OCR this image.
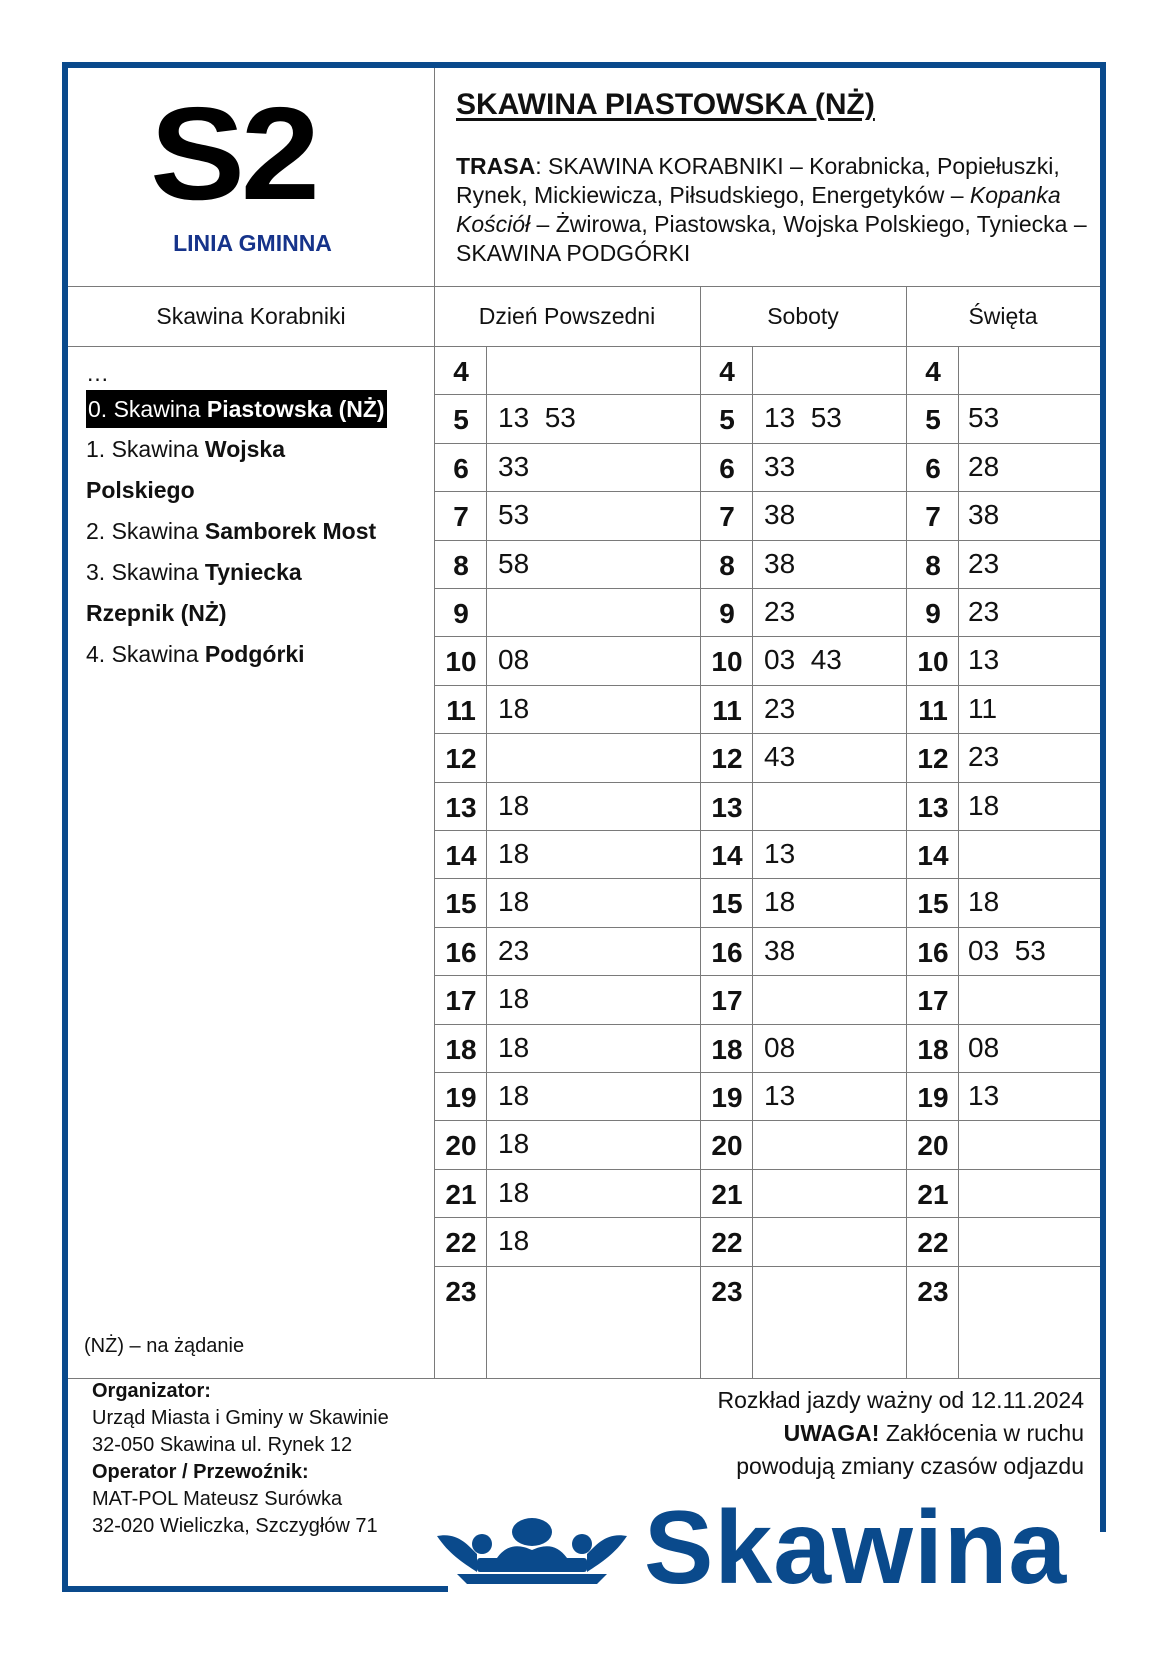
S2
LINIA GMINNA
SKAWINA PIASTOWSKA (NŻ)
TRASA: SKAWINA KORABNIKI – Korabnicka, Popiełuszki, Rynek, Mickiewicza, Piłsudskiego, Energetyków – Kopanka Kościół – Żwirowa, Piastowska, Wojska Polskiego, Tyniecka – SKAWINA PODGÓRKI
Skawina Korabniki	Dzień Powszedni	Soboty	Święta
…
0. Skawina Piastowska (NŻ)
1. Skawina Wojska
Polskiego
2. Skawina Samborek Most
3. Skawina Tyniecka
Rzepnik (NŻ)
4. Skawina Podgórki
(NŻ) – na żądanie
4	4	4
5	13  53	5	13  53	5 53
6	33	6	33	6 28
7	53	7	38	7 38
8	58	8	38	8 23
9	9	23	9 23
10 08	10 03  43	10 13
11 18	11 23	11 11
12	12 43	12 23
13 18	13	13 18
14 18	14 13	14
15 18	15 18	15 18
16 23	16 38	16 03  53
17 18	17	17
18 18	18 08	18 08
19 18	19 13	19 13
20 18	20	20
21 18	21	21
22 18	22	22
23	23	23
Organizator:
Urząd Miasta i Gminy w Skawinie
32-050 Skawina ul. Rynek 12
Operator / Przewoźnik:
MAT-POL Mateusz Surówka
32-020 Wieliczka, Szczygłów 71
Rozkład jazdy ważny od 12.11.2024
UWAGA! Zakłócenia w ruchu
powodują zmiany czasów odjazdu
Skawina
